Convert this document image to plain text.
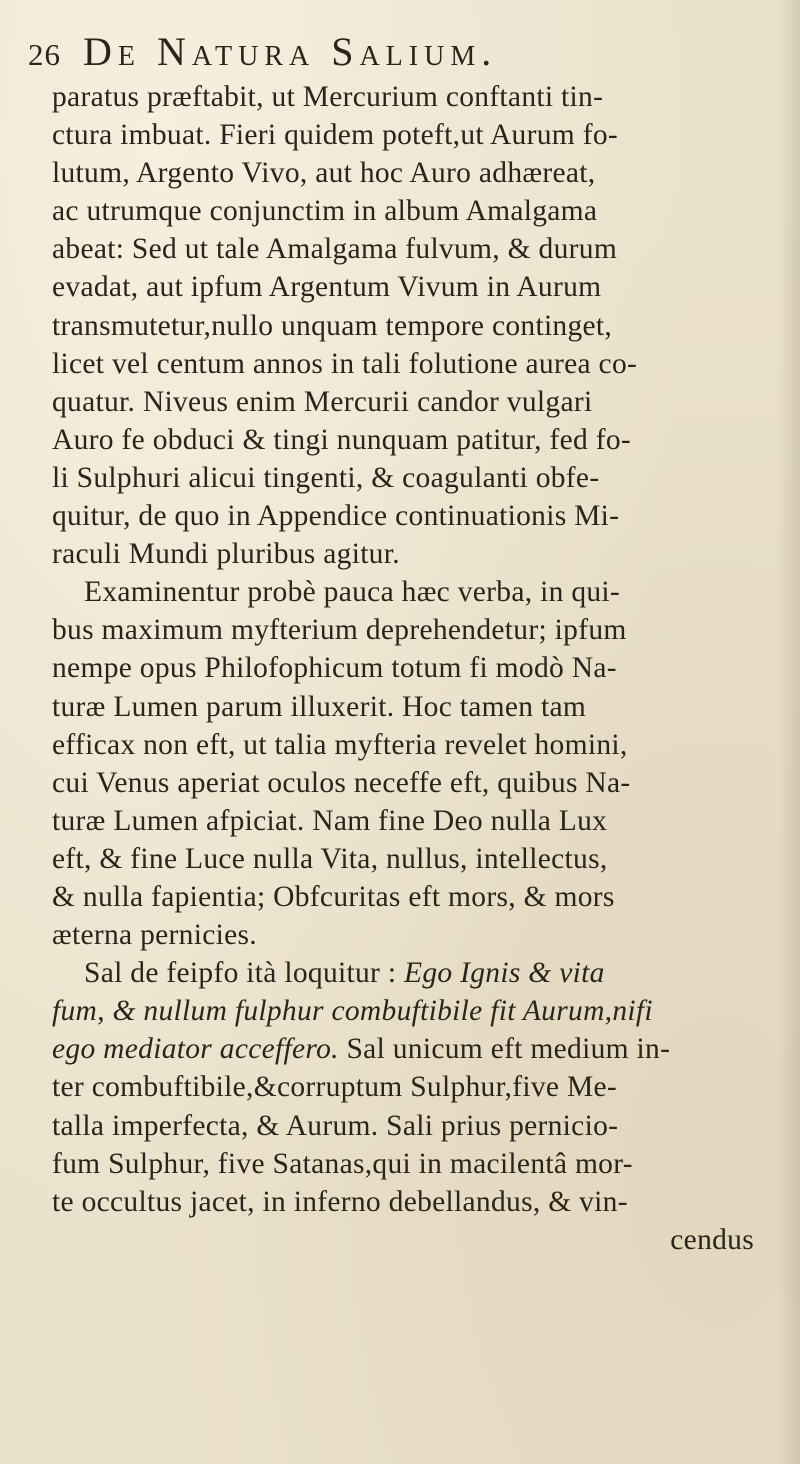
26 De Natura Salium.
paratus præftabit, ut Mercurium conftanti tin-
ctura imbuat. Fieri quidem poteft,ut Aurum fo-
lutum, Argento Vivo, aut hoc Auro adhæreat,
ac utrumque conjunctim in album Amalgama
abeat: Sed ut tale Amalgama fulvum, & durum
evadat, aut ipfum Argentum Vivum in Aurum
transmutetur,nullo unquam tempore continget,
licet vel centum annos in tali folutione aurea co-
quatur. Niveus enim Mercurii candor vulgari
Auro fe obduci & tingi nunquam patitur, fed fo-
li Sulphuri alicui tingenti, & coagulanti obfe-
quitur, de quo in Appendice continuationis Mi-
raculi Mundi pluribus agitur.
Examinentur probè pauca hæc verba, in qui-
bus maximum myfterium deprehendetur; ipfum
nempe opus Philofophicum totum fi modò Na-
turæ Lumen parum illuxerit. Hoc tamen tam
efficax non eft, ut talia myfteria revelet homini,
cui Venus aperiat oculos neceffe eft, quibus Na-
turæ Lumen afpiciat. Nam fine Deo nulla Lux
eft, & fine Luce nulla Vita, nullus, intellectus,
& nulla fapientia; Obfcuritas eft mors, & mors
æterna pernicies.
Sal de feipfo ità loquitur : Ego Ignis & vita
fum, & nullum fulphur combuftibile fit Aurum,nifi
ego mediator acceffero. Sal unicum eft medium in-
ter combuftibile,&corruptum Sulphur,five Me-
talla imperfecta, & Aurum. Sali prius pernicio-
fum Sulphur, five Satanas,qui in macilentâ mor-
te occultus jacet, in inferno debellandus, & vin-
cendus
